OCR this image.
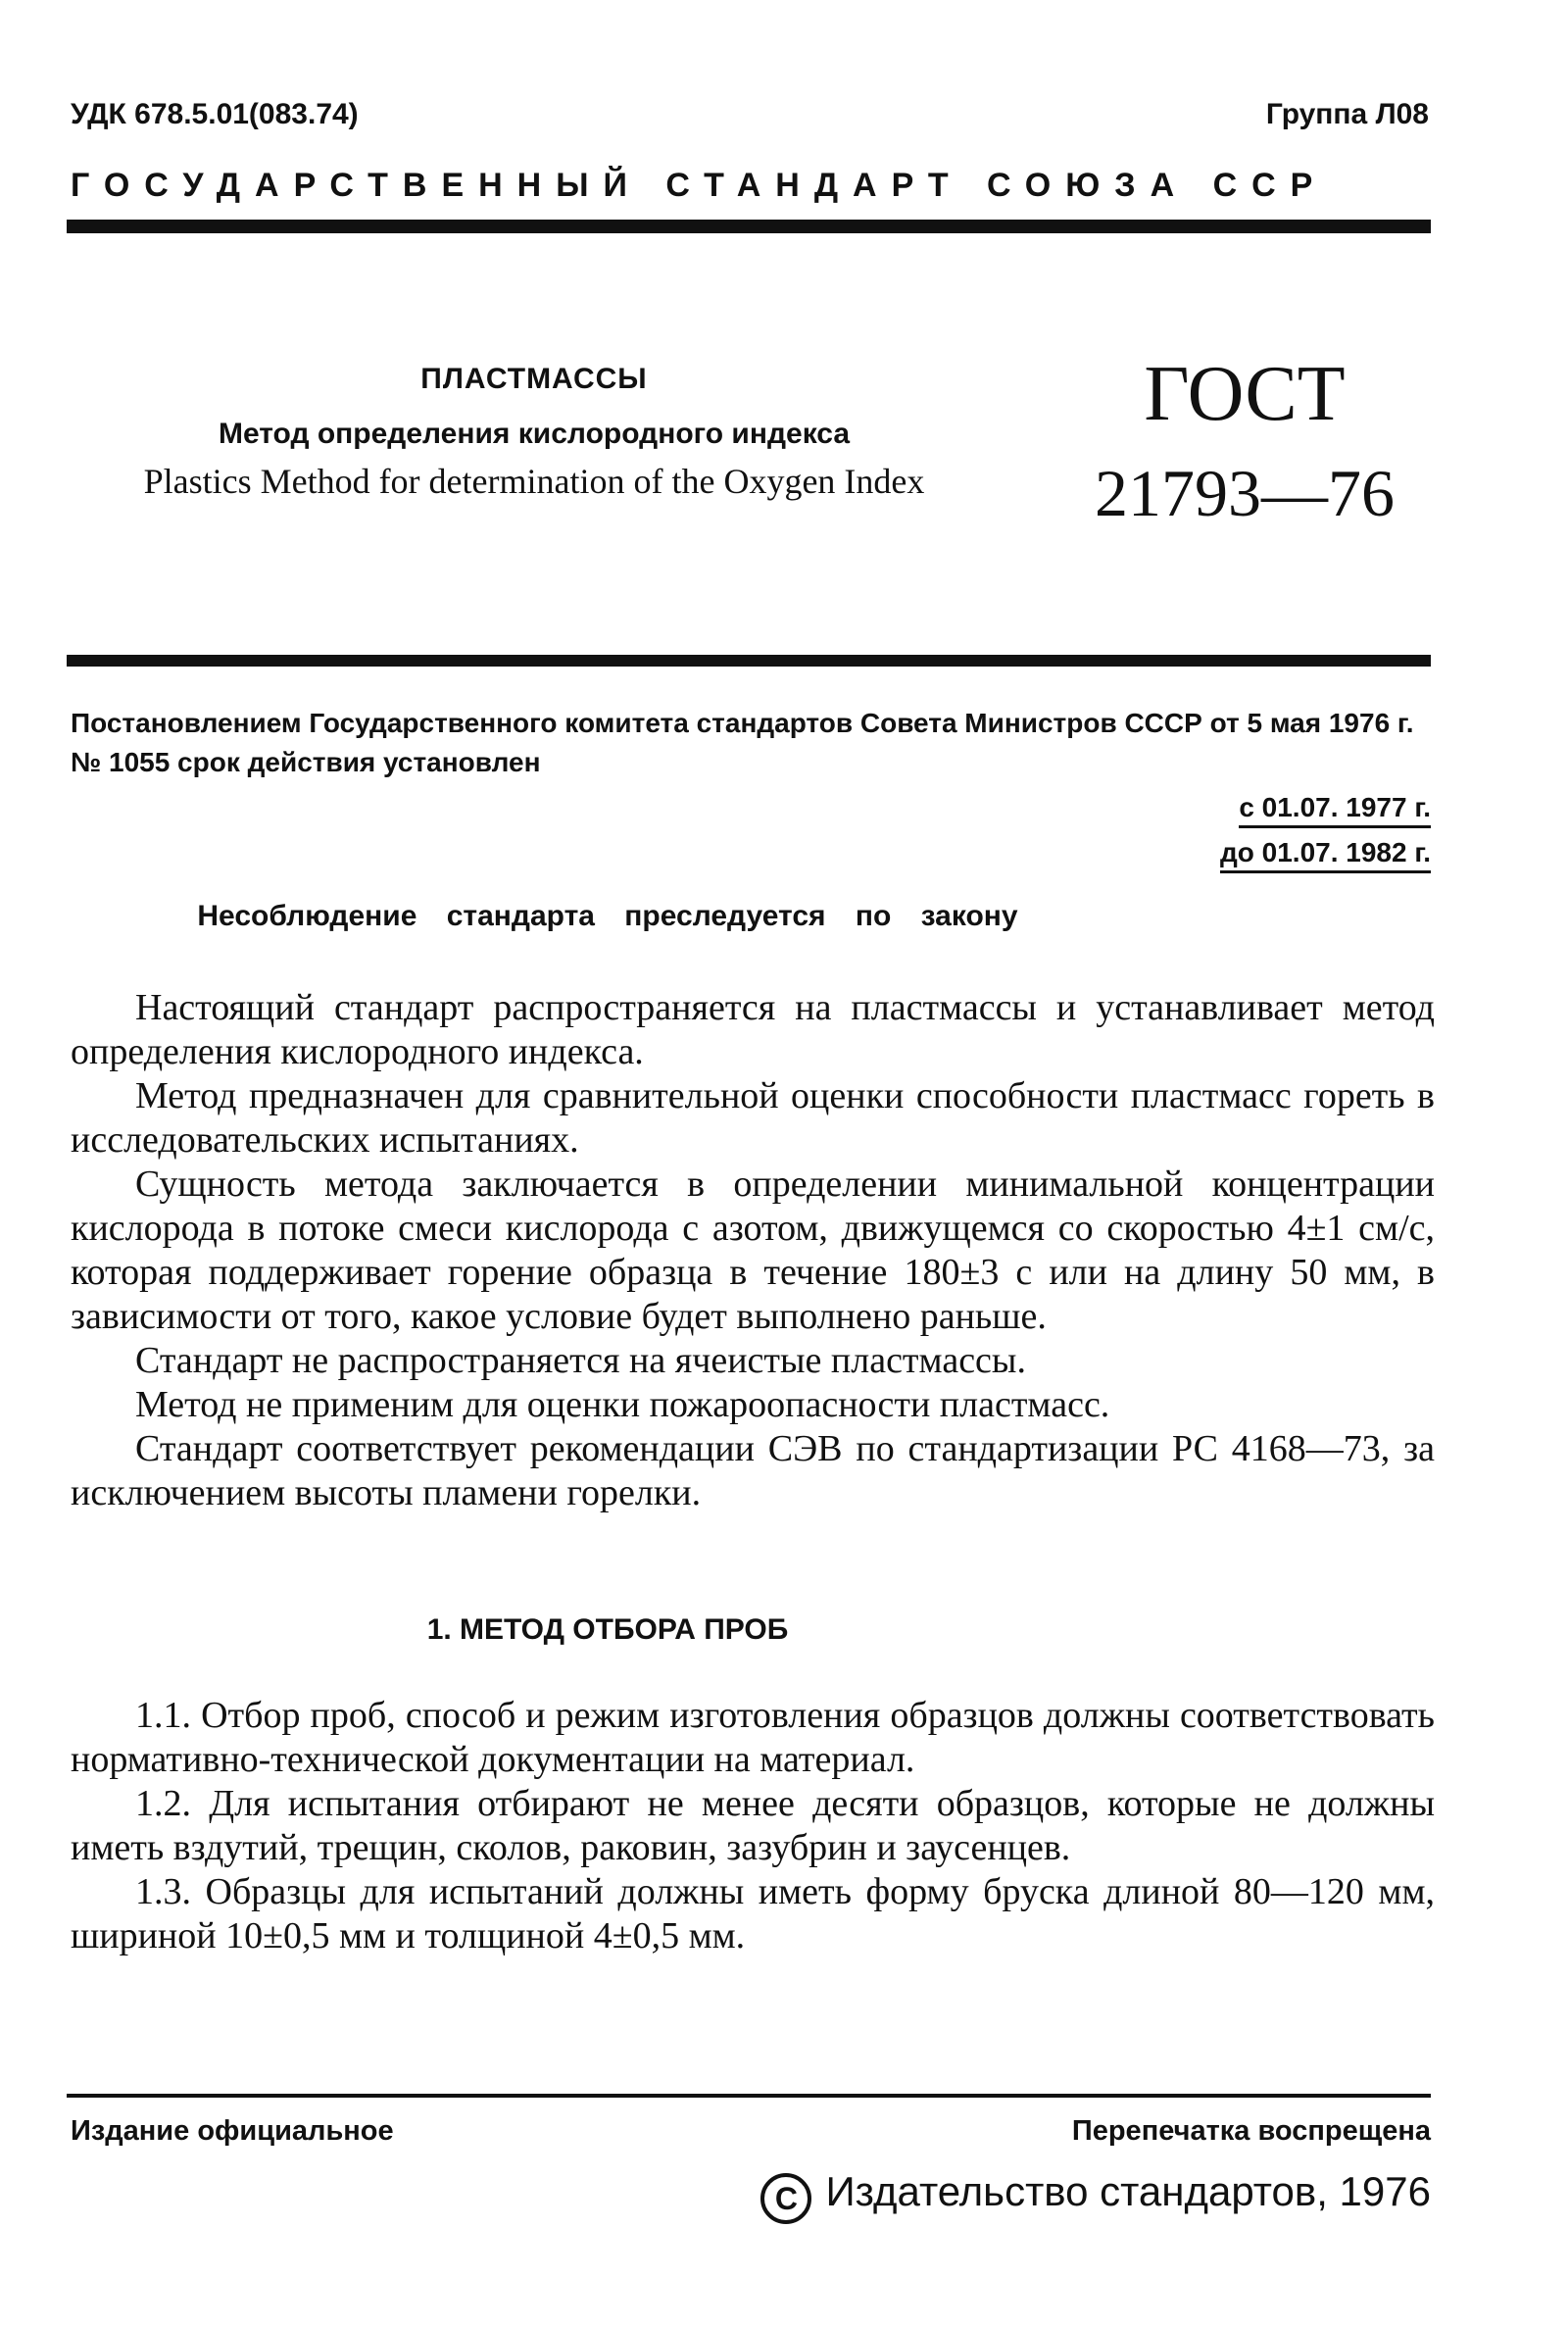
УДК 678.5.01(083.74)	Группа Л08
ГОСУДАРСТВЕННЫЙ СТАНДАРТ СОЮЗА ССР
ПЛАСТМАССЫ
Метод определения кислородного индекса
Plastics Method for determination of the Oxygen Index
ГОСТ
21793—76
Постановлением Государственного комитета стандартов Совета Министров СССР от 5 мая 1976 г. № 1055 срок действия установлен
с 01.07. 1977 г.
до 01.07. 1982 г.
Несоблюдение стандарта преследуется по закону

Настоящий стандарт распространяется на пластмассы и устанавливает метод определения кислородного индекса.

Метод предназначен для сравнительной оценки способности пластмасс гореть в исследовательских испытаниях.

Сущность метода заключается в определении минимальной концентрации кислорода в потоке смеси кислорода с азотом, движущемся со скоростью 4±1 см/с, которая поддерживает горение образца в течение 180±3 с или на длину 50 мм, в зависимости от того, какое условие будет выполнено раньше.

Стандарт не распространяется на ячеистые пластмассы.

Метод не применим для оценки пожароопасности пластмасс.

Стандарт соответствует рекомендации СЭВ по стандартизации РС 4168—73, за исключением высоты пламени горелки.

1. МЕТОД ОТБОРА ПРОБ

1.1. Отбор проб, способ и режим изготовления образцов должны соответствовать нормативно-технической документации на материал.

1.2. Для испытания отбирают не менее десяти образцов, которые не должны иметь вздутий, трещин, сколов, раковин, зазубрин и заусенцев.

1.3. Образцы для испытаний должны иметь форму бруска длиной 80—120 мм, шириной 10±0,5 мм и толщиной 4±0,5 мм.

Издание официальное	Перепечатка воспрещена
C Издательство стандартов, 1976
